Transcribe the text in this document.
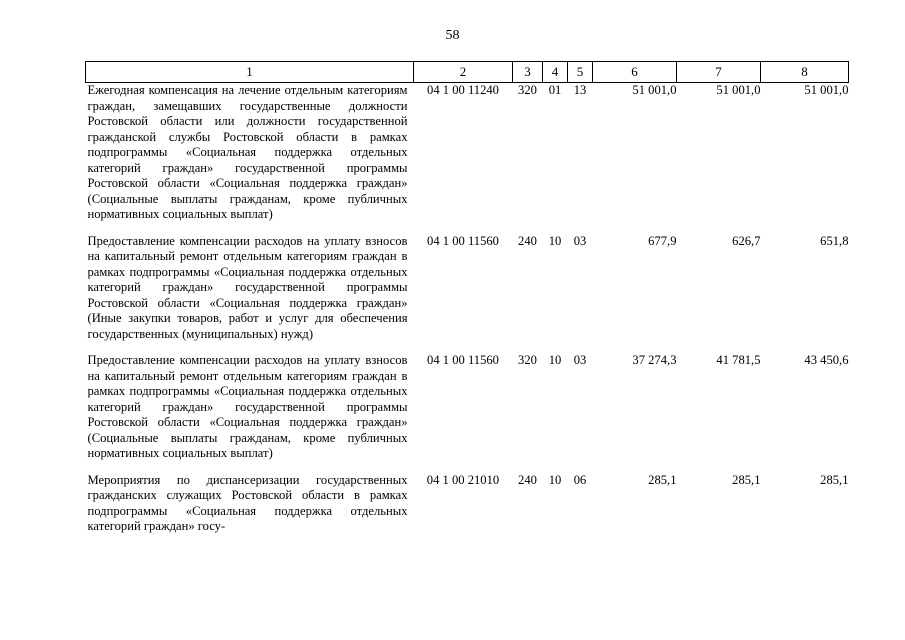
58
1	2	3	4	5	6	7	8
Ежегодная компенсация на лечение отдельным категориям граждан, замещавших государственные должности Ростовской области или должности государственной гражданской службы Ростовской области в рамках подпрограммы «Социальная поддержка отдельных категорий граждан» государственной программы Ростовской области «Социальная поддержка граждан» (Социальные выплаты гражданам, кроме публичных нормативных социальных выплат)	04 1 00 11240	320	01	13	51 001,0	51 001,0	51 001,0
Предоставление компенсации расходов на уплату взносов на капитальный ремонт отдельным категориям граждан в рамках подпрограммы «Социальная поддержка отдельных категорий граждан» государственной программы Ростовской области «Социальная поддержка граждан» (Иные закупки товаров, работ и услуг для обеспечения государственных (муниципальных) нужд)	04 1 00 11560	240	10	03	677,9	626,7	651,8
Предоставление компенсации расходов на уплату взносов на капитальный ремонт отдельным категориям граждан в рамках подпрограммы «Социальная поддержка отдельных категорий граждан» государственной программы Ростовской области «Социальная поддержка граждан» (Социальные выплаты гражданам, кроме публичных нормативных социальных выплат)	04 1 00 11560	320	10	03	37 274,3	41 781,5	43 450,6
Мероприятия по диспансеризации государственных гражданских служащих Ростовской области в рамках подпрограммы «Социальная поддержка отдельных категорий граждан» госу-	04 1 00 21010	240	10	06	285,1	285,1	285,1
